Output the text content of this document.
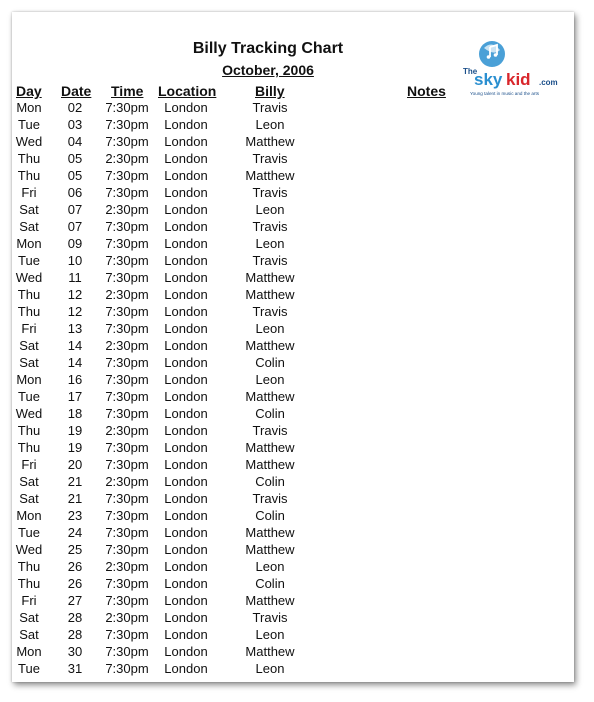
Billy Tracking Chart
October, 2006	The
sky kid .com
Young talent in music and the arts
Day Date Time Location	Billy	Notes
Mon	02	7:30pm	London	Travis
Tue	03	7:30pm	London	Leon
Wed	04	7:30pm	London	Matthew
Thu	05	2:30pm	London	Travis
Thu	05	7:30pm	London	Matthew
Fri	06	7:30pm	London	Travis
Sat	07	2:30pm	London	Leon
Sat	07	7:30pm	London	Travis
Mon	09	7:30pm	London	Leon
Tue	10	7:30pm	London	Travis
Wed	11	7:30pm	London	Matthew
Thu	12	2:30pm	London	Matthew
Thu	12	7:30pm	London	Travis
Fri	13	7:30pm	London	Leon
Sat	14	2:30pm	London	Matthew
Sat	14	7:30pm	London	Colin
Mon	16	7:30pm	London	Leon
Tue	17	7:30pm	London	Matthew
Wed	18	7:30pm	London	Colin
Thu	19	2:30pm	London	Travis
Thu	19	7:30pm	London	Matthew
Fri	20	7:30pm	London	Matthew
Sat	21	2:30pm	London	Colin
Sat	21	7:30pm	London	Travis
Mon	23	7:30pm	London	Colin
Tue	24	7:30pm	London	Matthew
Wed	25	7:30pm	London	Matthew
Thu	26	2:30pm	London	Leon
Thu	26	7:30pm	London	Colin
Fri	27	7:30pm	London	Matthew
Sat	28	2:30pm	London	Travis
Sat	28	7:30pm	London	Leon
Mon	30	7:30pm	London	Matthew
Tue	31	7:30pm	London	Leon
